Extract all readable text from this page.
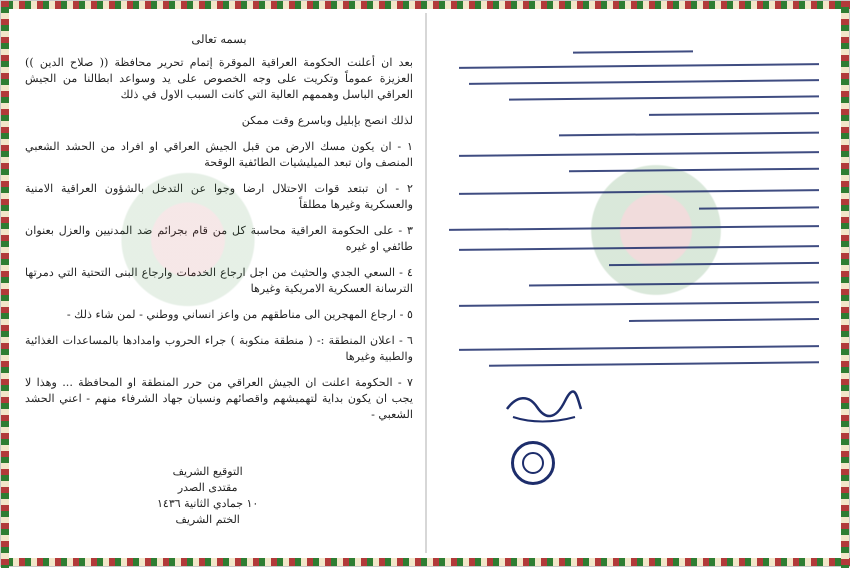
بسمه تعالى

بعد ان أعلنت الحكومة العراقية الموقرة إتمام تحرير محافظة (( صلاح الدين )) العزيزة عموماً وتكريت على وجه الخصوص على يد وسواعد ابطالنا من الجيش العراقي الباسل وهممهم العالية التي كانت السبب الاول في ذلك

لذلك انصح بإبليل وباسرع وقت ممكن

١ - ان يكون مسك الارض من قبل الجيش العراقي او افراد من الحشد الشعبي المنصف وان تبعد الميليشيات الطائفية الوقحة

٢ - ان تبتعد قوات الاحتلال ارضا وجوا عن التدخل بالشؤون العراقية الامنية والعسكرية وغيرها مطلقاً

٣ - على الحكومة العراقية محاسبة كل من قام بجرائم ضد المدنيين والعزل بعنوان طائفي او غيره

٤ - السعي الجدي والحثيث من اجل ارجاع الخدمات وارجاع البنى التحتية التي دمرتها الترسانة العسكرية الامريكية وغيرها

٥ - ارجاع المهجرين الى مناطقهم من واعز انساني ووطني - لمن شاء ذلك -

٦ - اعلان المنطقة :- ( منطقة منكوبة ) جراء الحروب وامدادها بالمساعدات الغذائية والطبية وغيرها

٧ - الحكومة اعلنت ان الجيش العراقي من حرر المنطقة او المحافظة ... وهذا لا يجب ان يكون بداية لتهميشهم واقصائهم ونسيان جهاد الشرفاء منهم - اعني الحشد الشعبي -

التوقيع الشريف
مقتدى الصدر
١٠ جمادي الثانية ١٤٣٦
الختم الشريف
